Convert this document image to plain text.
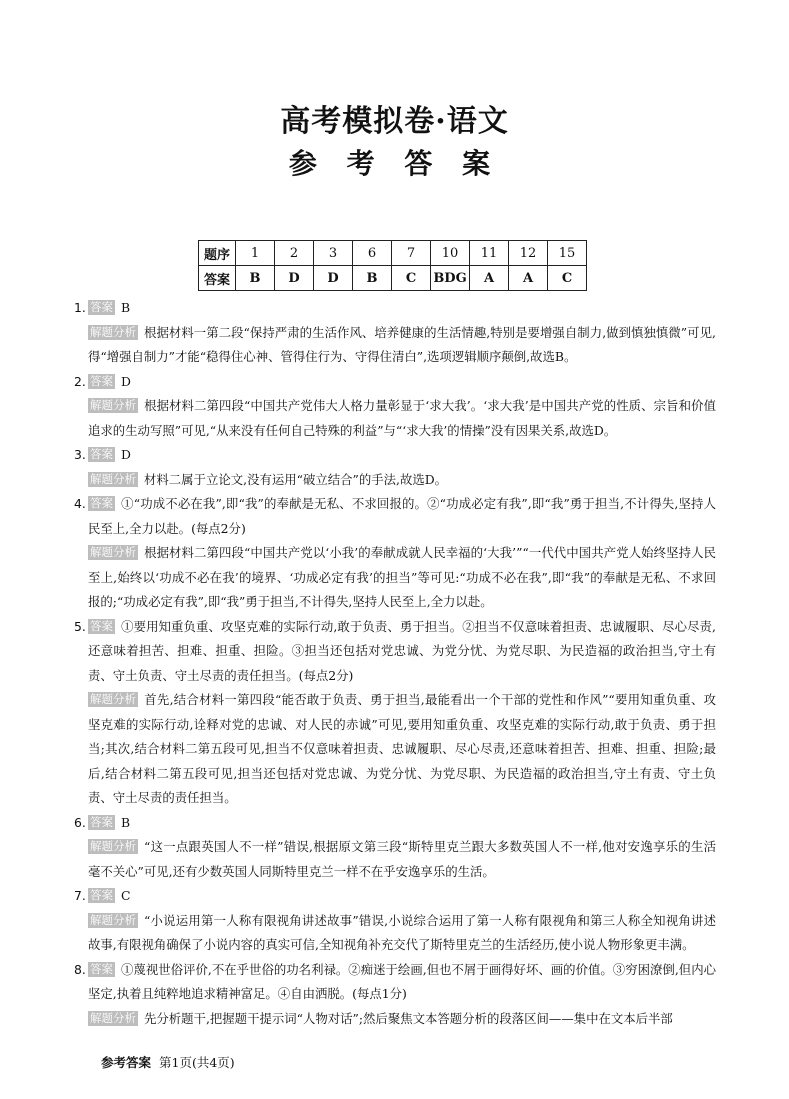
高考模拟卷·语文
参 考 答 案
题序	1	2	3	6	7	10	11	12	15
答案	B	D	D	B	C	BDG	A	A	C
1. 答案 B
解题分析 根据材料一第二段“保持严肃的生活作风、培养健康的生活情趣,特别是要增强自制力,做到慎独慎微”可见,得“增强自制力”才能“稳得住心神、管得住行为、守得住清白”,选项逻辑顺序颠倒,故选B。
2. 答案 D
解题分析 根据材料二第四段“中国共产党伟大人格力量彰显于‘求大我’。‘求大我’是中国共产党的性质、宗旨和价值追求的生动写照”可见,“从来没有任何自己特殊的利益”与“‘求大我’的情操”没有因果关系,故选D。
3. 答案 D
解题分析 材料二属于立论文,没有运用“破立结合”的手法,故选D。
4. 答案 ①“功成不必在我”,即“我”的奉献是无私、不求回报的。②“功成必定有我”,即“我”勇于担当,不计得失,坚持人民至上,全力以赴。(每点2分)
解题分析 根据材料二第四段“中国共产党以‘小我’的奉献成就人民幸福的‘大我’”“一代代中国共产党人始终坚持人民至上,始终以‘功成不必在我’的境界、‘功成必定有我’的担当”等可见:“功成不必在我”,即“我”的奉献是无私、不求回报的;“功成必定有我”,即“我”勇于担当,不计得失,坚持人民至上,全力以赴。
5. 答案 ①要用知重负重、攻坚克难的实际行动,敢于负责、勇于担当。②担当不仅意味着担责、忠诚履职、尽心尽责,还意味着担苦、担难、担重、担险。③担当还包括对党忠诚、为党分忧、为党尽职、为民造福的政治担当,守土有责、守土负责、守土尽责的责任担当。(每点2分)
解题分析 首先,结合材料一第四段“能否敢于负责、勇于担当,最能看出一个干部的党性和作风”“要用知重负重、攻坚克难的实际行动,诠释对党的忠诚、对人民的赤诚”可见,要用知重负重、攻坚克难的实际行动,敢于负责、勇于担当;其次,结合材料二第五段可见,担当不仅意味着担责、忠诚履职、尽心尽责,还意味着担苦、担难、担重、担险;最后,结合材料二第五段可见,担当还包括对党忠诚、为党分忧、为党尽职、为民造福的政治担当,守土有责、守土负责、守土尽责的责任担当。
6. 答案 B
解题分析 “这一点跟英国人不一样”错误,根据原文第三段“斯特里克兰跟大多数英国人不一样,他对安逸享乐的生活毫不关心”可见,还有少数英国人同斯特里克兰一样不在乎安逸享乐的生活。
7. 答案 C
解题分析 “小说运用第一人称有限视角讲述故事”错误,小说综合运用了第一人称有限视角和第三人称全知视角讲述故事,有限视角确保了小说内容的真实可信,全知视角补充交代了斯特里克兰的生活经历,使小说人物形象更丰满。
8. 答案 ①蔑视世俗评价,不在乎世俗的功名利禄。②痴迷于绘画,但也不屑于画得好坏、画的价值。③穷困潦倒,但内心坚定,执着且纯粹地追求精神富足。④自由洒脱。(每点1分)
解题分析 先分析题干,把握题干提示词“人物对话”;然后聚焦文本答题分析的段落区间——集中在文本后半部
参考答案 第1页(共4页)
